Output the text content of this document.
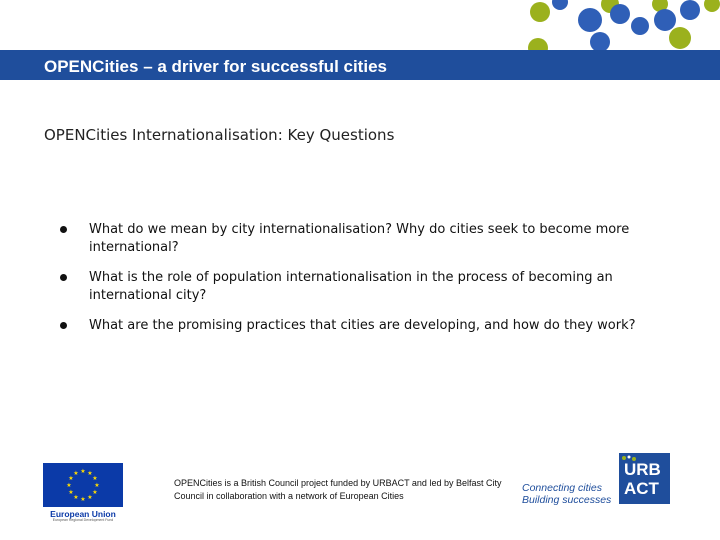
OPENCities – a driver for successful cities
OPENCities Internationalisation: Key Questions
What do we mean by city internationalisation? Why do cities seek to become more international?
What is the role of population internationalisation in the process of becoming an international city?
What are the promising practices that cities are developing, and how do they work?
★ ★
★
★
★
★
★
★
★
★
★
★
European Union
European Regional Development Fund
OPENCities is a British Council project funded by URBACT and led by Belfast City Council in collaboration with a network of European Cities
Connecting cities
Building successes
URB
ACT
